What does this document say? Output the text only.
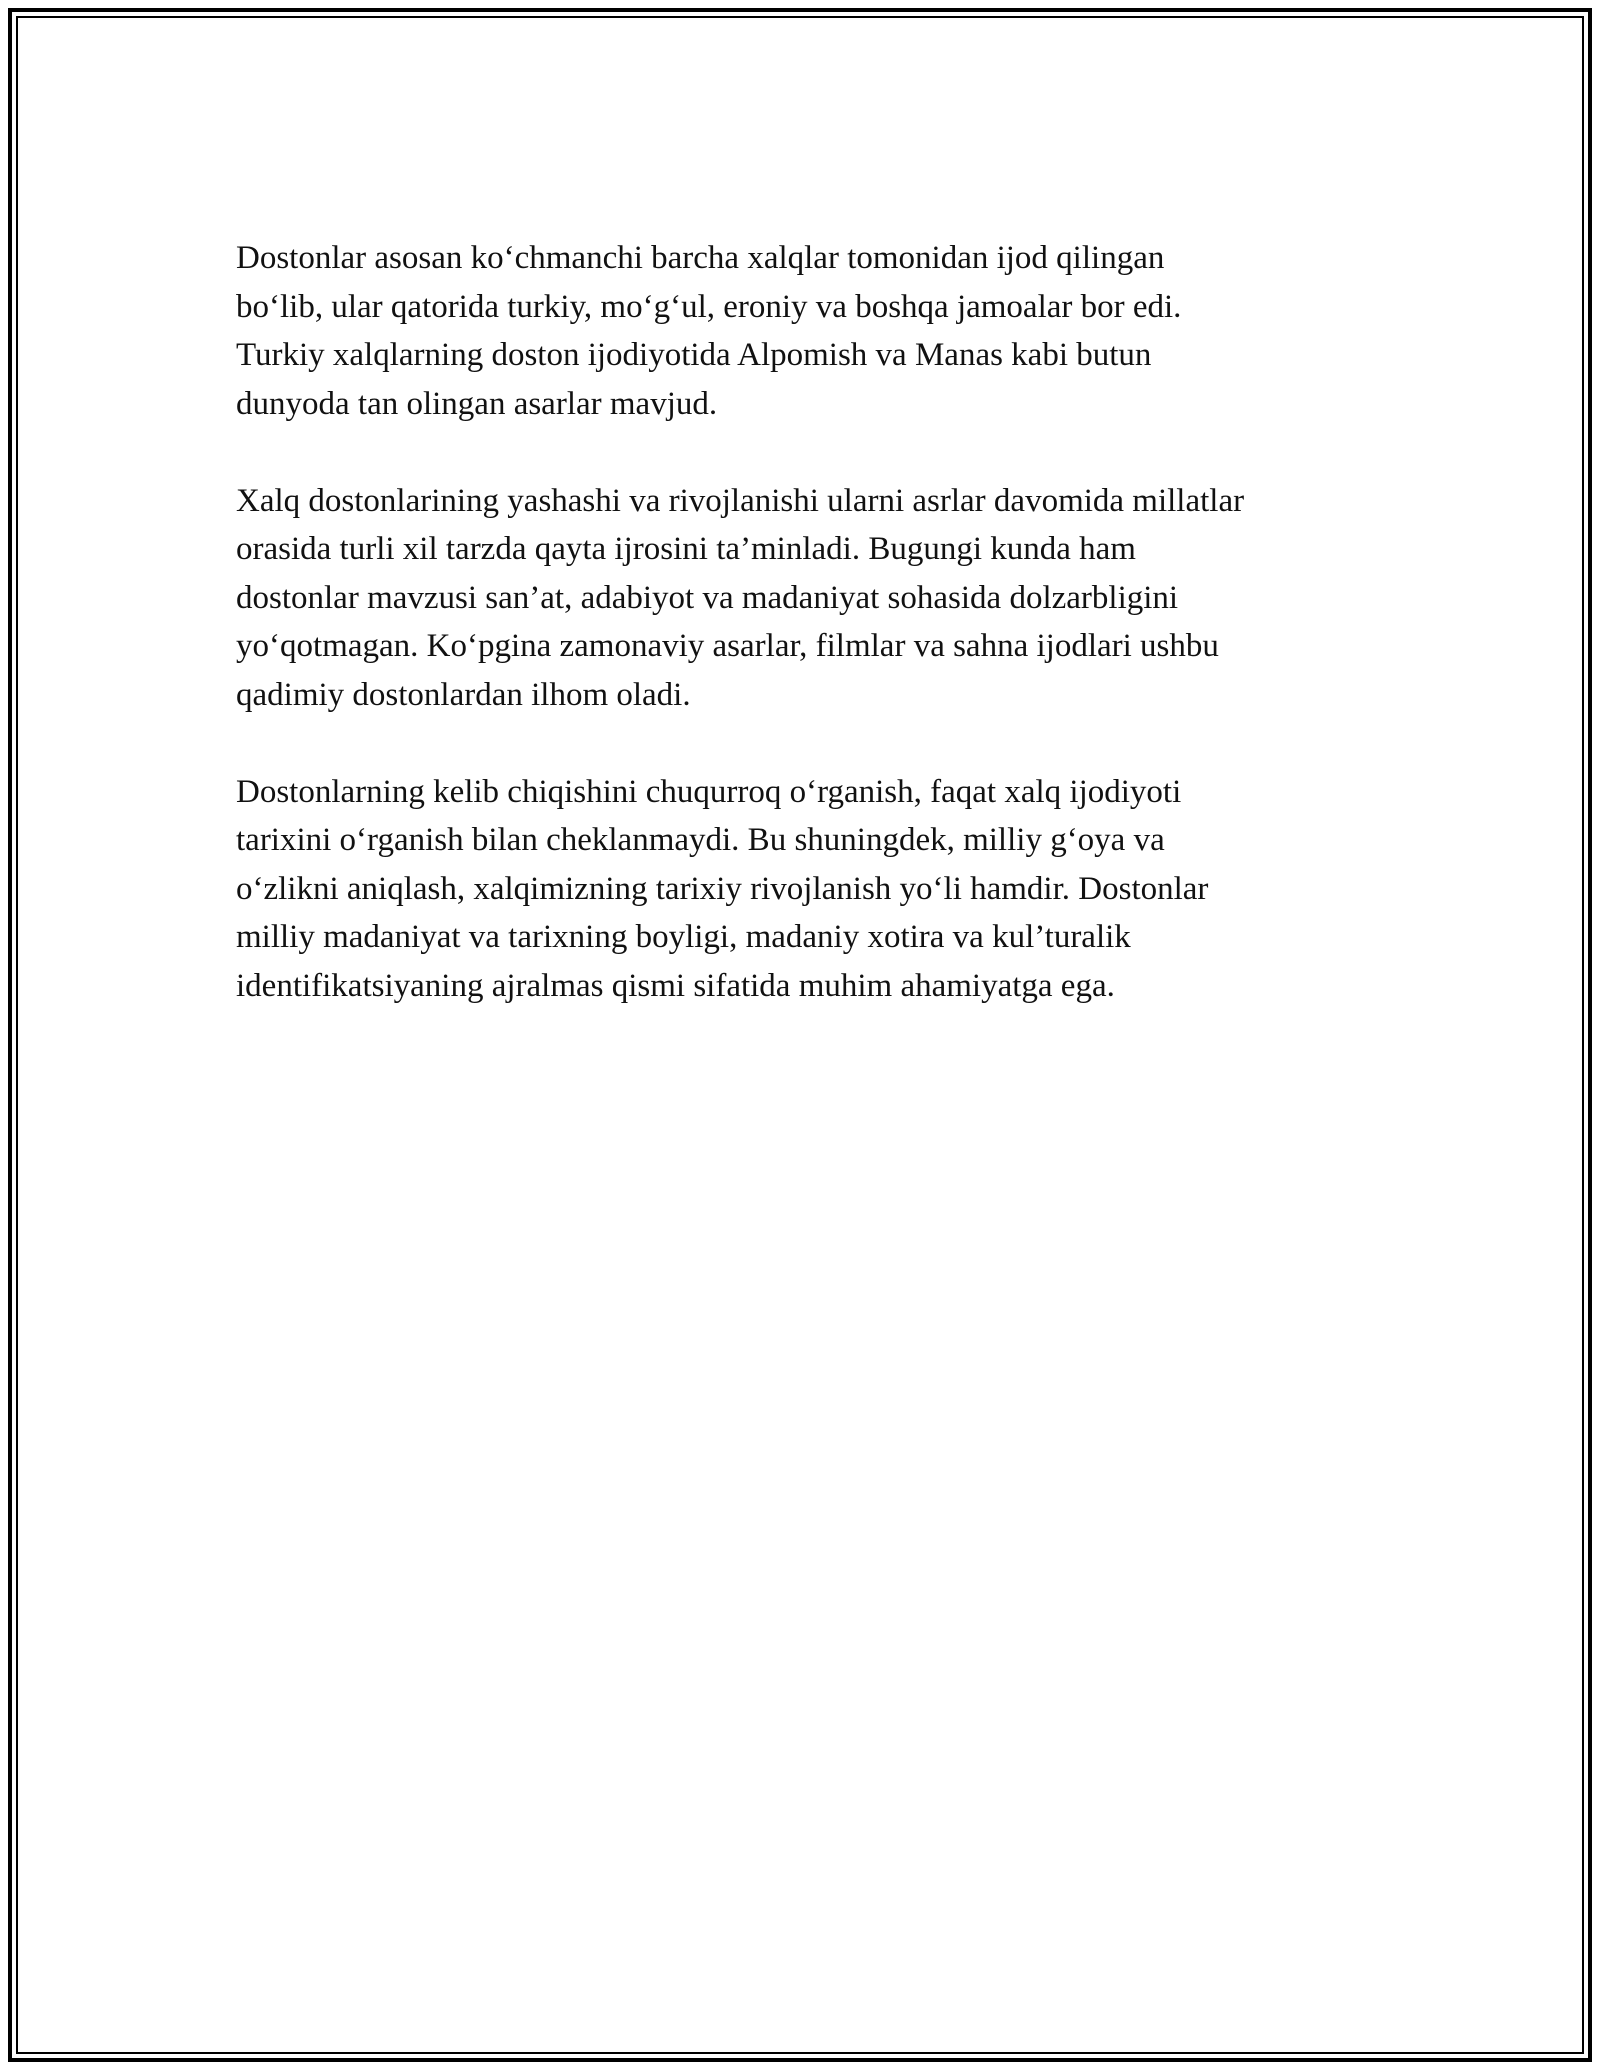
Dostonlar asosan ko‘chmanchi barcha xalqlar tomonidan ijod qilingan
bo‘lib, ular qatorida turkiy, mo‘g‘ul, eroniy va boshqa jamoalar bor edi.
Turkiy xalqlarning doston ijodiyotida Alpomish va Manas kabi butun
dunyoda tan olingan asarlar mavjud.

Xalq dostonlarining yashashi va rivojlanishi ularni asrlar davomida millatlar
orasida turli xil tarzda qayta ijrosini ta’minladi. Bugungi kunda ham
dostonlar mavzusi san’at, adabiyot va madaniyat sohasida dolzarbligini
yo‘qotmagan. Ko‘pgina zamonaviy asarlar, filmlar va sahna ijodlari ushbu
qadimiy dostonlardan ilhom oladi.

Dostonlarning kelib chiqishini chuqurroq o‘rganish, faqat xalq ijodiyoti
tarixini o‘rganish bilan cheklanmaydi. Bu shuningdek, milliy g‘oya va
o‘zlikni aniqlash, xalqimizning tarixiy rivojlanish yo‘li hamdir. Dostonlar
milliy madaniyat va tarixning boyligi, madaniy xotira va kul’turalik
identifikatsiyaning ajralmas qismi sifatida muhim ahamiyatga ega.
